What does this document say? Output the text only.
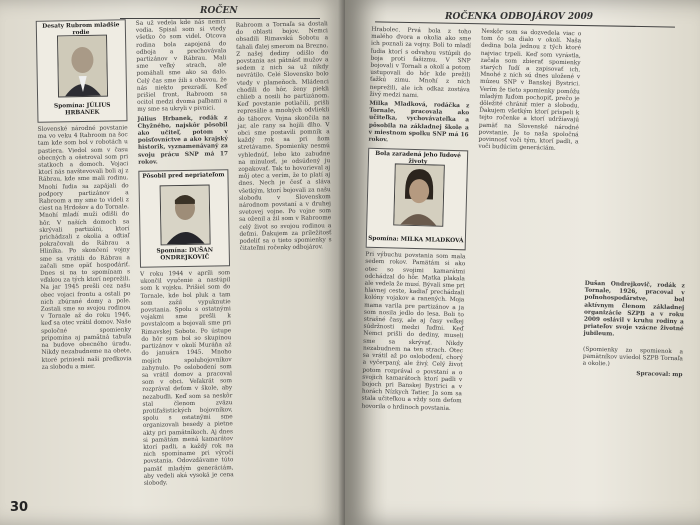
ROČEN
Desaty Rubrom mladšie rodie
Spomína: JÚLIUS HRBANEK

Slovenské národné povstanie ma vo veku 4 Rabroom na šoc tam kde som bol v robotách u pastiera. Viedol som v času obecných a ošetroval som pri statkoch a domoch. Vojaci ktorí nás navštevovali boli aj z Rábrau, kde sme mali rodinu. Mnohí ľudia sa zapájali do podpory partizánov a Rabroom a my sme to videli z ciest na Hrdošov a do Tornale. Mnohí mladí muži odišli do hôr. V naších domoch sa skrývali partizáni, ktorí prichádzali z okolia a odtiaľ pokračovali do Rábrau a Hliníka. Po skončení vojny sme sa vrátili do Rábrau a začali sme opäť hospodáriť. Dnes si na to spomínam s vďakou za tých ktorí neprežili. Na jar 1945 prešli cez našu obec vojaci frontu a ostali po nich zbúrané domy a pole. Zostali sme so svojou rodinou v Tornale až do roku 1946, keď sa otec vrátil domov. Naše spoločné spomienky pripomína aj pamätná tabuľa na budove obecného úradu. Nikdy nezabudneme na obete, ktoré priniesli naši predkovia za slobodu a mier.

Sa už vedela kde nás nemci vodia. Spisal som si vtedy všetko čo som videl. Otcova rodina bola zapojená do odboja a prechovávala partizánov v Rábrau. Mali sme veľký strach, ale pomáhali sme ako sa dalo. Celý čas sme žili s obavou, že nás niekto prezradí. Keď prišiel front, Rabroom sa ocitol medzi dvoma paľbami a my sme sa ukryli v pivnici.

Július Hrbanek, rodák z Chyžného, najskôr pôsobil ako učiteľ, potom v poisťovníctve a ako krajský historik, vyznamenávaný za svoju prácu SNP má 17 rokov.

Pôsobil pred nepriateľom
Spomína: DUŠAN ONDREJKOVIČ

V roku 1944 v apríli som ukončil vyučenie a nastúpil som k vojsku. Prišiel som do Tornale, kde bol pluk a tam som zažil vypuknutie povstania. Spolu s ostatnými vojakmi sme prešli k povstalcom a bojovali sme pri Rimavskej Sobote. Po ústupe do hôr som bol so skupinou partizánov v okolí Muráňa až do januára 1945. Mnoho mojich spolubojovníkov zahynulo. Po oslobodení som sa vrátil domov a pracoval som v obci. Veľakrát som rozprával deťom v škole, aby nezabudli. Keď som sa neskôr stal členom zväzu protifašistických bojovníkov, spolu s ostatnými sme organizovali besedy a pietne akty pri pamätníkoch. Aj dnes si pamätám mená kamarátov ktorí padli, a každý rok na nich spomíname pri výročí povstania. Odovzdávame túto pamäť mladým generáciám, aby vedeli aká vysoká je cena slobody.

Rabroom a Tornaľa sa dostali do oblasti bojov. Nemci obsadili Rimavskú Sobotu a ťahali ďalej smerom na Brezno. Z našej dediny odišlo do povstania asi pätnásť mužov a sedem z nich sa už nikdy nevrátilo. Celé Slovensko bolo vtedy v plameňoch. Mládenci chodili do hôr, ženy piekli chlieb a nosili ho partizánom. Keď povstanie potlačili, prišli represálie a mnohých odvliekli do táborov. Vojna skončila na jar, ale rany sa hojili dlho. V obci sme postavili pomník a každý rok sa pri ňom stretávame. Spomienky nesmú vyblednúť, lebo kto zabudne na minulosť, je odsúdený ju zopakovať. Tak to hovorieval aj môj otec a verím, že to platí aj dnes. Nech je česť a sláva všetkým, ktorí bojovali za našu slobodu v Slovenskom národnom povstaní a v druhej svetovej vojne. Po vojne som sa oženil a žil som v Rabroome celý život so svojou rodinou a deťmi. Ďakujem za príležitosť podeliť sa o tieto spomienky s čitateľmi ročenky odbojárov.

30
ROČENKA ODBOJÁROV 2009

Hrabolec. Prvá bola z toho malého dvora a okolia ako sme ich poznali za vojny. Boli to mladí ľudia ktorí s odvahou vstúpili do boja proti fašizmu. V SNP bojovali v Tornali a okolí a potom ustupovali do hôr kde prežili ťažkú zimu. Mnohí z nich neprežili, ale ich odkaz zostáva živý medzi nami.

Milka Mladková, rodáčka z Tornale, pracovala ako učiteľka, vychovávateľka a pôsobila na základnej škole a v miestnom spolku SNP má 16 rokov.

Bola zaradená jeho ľudové životy
Spomína: MILKA MLADKOVÁ

Pri výbuchu povstania som mala sedem rokov. Pamätám si ako otec so svojimi kamarátmi odchádzal do hôr. Matka plakala ale vedela že musí. Bývali sme pri hlavnej ceste, kadiaľ prechádzali kolóny vojakov a ranených. Moja mama varila pre partizánov a ja som nosila jedlo do lesa. Boli to strašné časy, ale aj časy veľkej súdržnosti medzi ľuďmi. Keď Nemci prišli do dediny, museli sme sa skrývať. Nikdy nezabudnem na ten strach. Otec sa vrátil až po oslobodení, chorý a vyčerpaný, ale živý. Celý život potom rozprával o povstaní a o svojich kamarátoch ktorí padli v bojoch pri Banskej Bystrici a v horách Nízkych Tatier. Ja som sa stala učiteľkou a vždy som deťom hovorila o hrdinoch povstania.

Neskôr som sa dozvedela viac o tom čo sa dialo v okolí. Naša dedina bola jednou z tých ktoré najviac trpeli. Keď som vyrástla, začala som zbierať spomienky starých ľudí a zapisovať ich. Mnohé z nich sú dnes uložené v múzeu SNP v Banskej Bystrici. Verím že tieto spomienky pomôžu mladým ľuďom pochopiť, prečo je dôležité chrániť mier a slobodu. Ďakujem všetkým ktorí prispeli k tejto ročenke a ktorí udržiavajú pamäť na Slovenské národné povstanie. Je to naša spoločná povinnosť voči tým, ktorí padli, a voči budúcim generáciám.

Dušan Ondrejkovič, rodák z Tornale, 1926, pracoval v poľnohospodárstve, bol aktívnym členom základnej organizácie SZPB a v roku 2009 oslávil v kruhu rodiny a priateľov svoje vzácne životné jubileum.

(Spomienky zo spomienok a pamätníkov uviedol SZPB Tornaľa a okolie.)

Spracoval: mp
